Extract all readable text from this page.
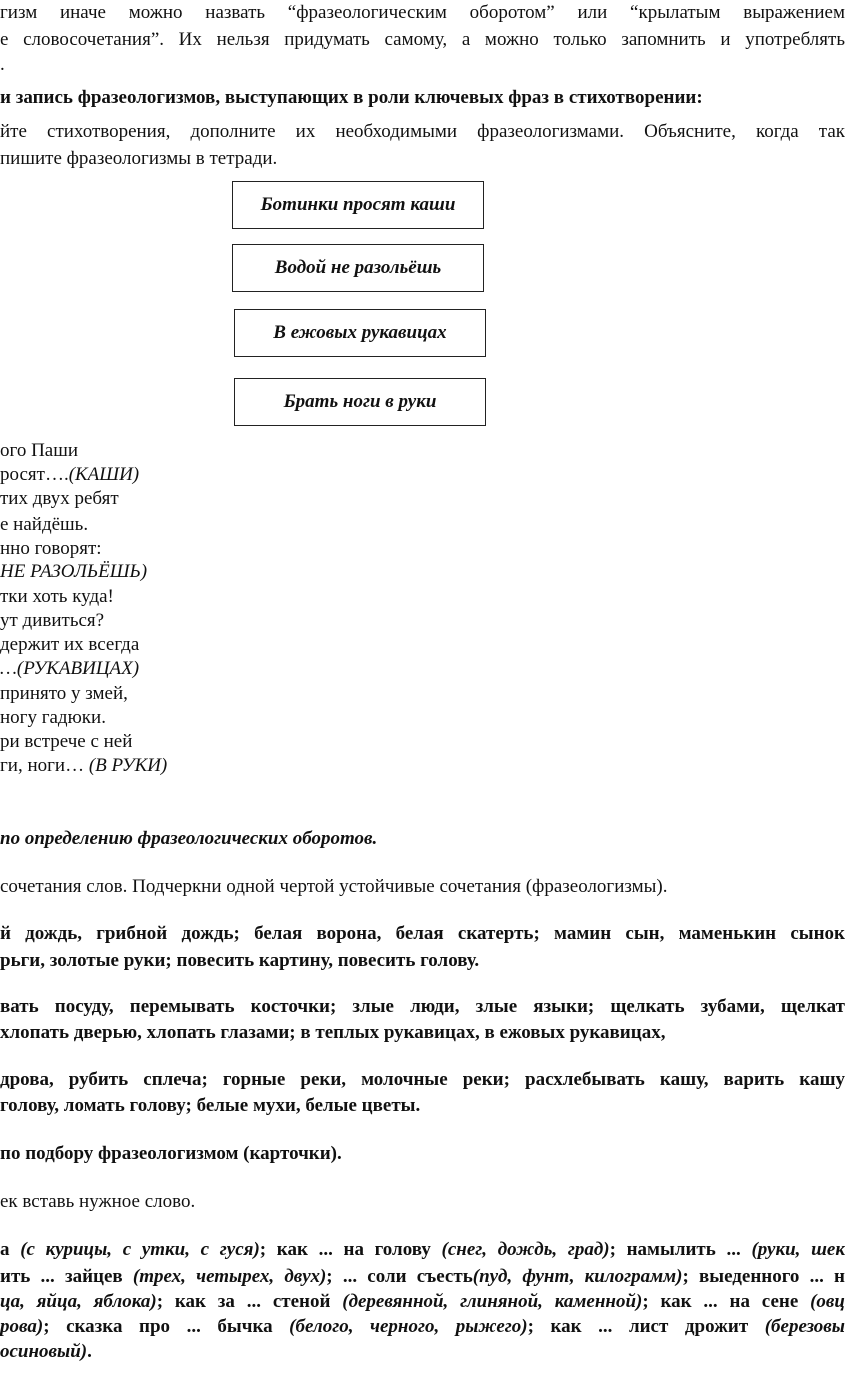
гизм иначе можно назвать “фразеологическим оборотом” или “крылатым выражением
е словосочетания”. Их нельзя придумать самому, а можно только запомнить и употреблять
.
и запись фразеологизмов, выступающих в роли ключевых фраз в стихотворении:
йте стихотворения, дополните их необходимыми фразеологизмами. Объясните, когда так
пишите фразеологизмы в тетради.
Ботинки просят каши
Водой не разольёшь
В ежовых рукавицах
Брать ноги в руки
ого Паши
росят….(КАШИ)
тих двух ребят
е найдёшь.
нно говорят:
НЕ РАЗОЛЬЁШЬ)
тки хоть куда!
ут дивиться?
держит их всегда
…(РУКАВИЦАХ)
принято у змей,
ногу гадюки.
ри встрече с ней
ги, ноги… (В РУКИ)
по определению фразеологических оборотов.
сочетания слов. Подчеркни одной чертой устойчивые сочетания (фразеологизмы).
й дождь, грибной дождь; белая ворона, белая скатерть; мамин сын, маменькин сынок
рьги, золотые руки; повесить картину, повесить голову.
вать посуду, перемывать косточки; злые люди, злые языки; щелкать зубами, щелкат
хлопать дверью, хлопать глазами; в теплых рукавицах, в ежовых рукавицах,
дрова, рубить сплеча; горные реки, молочные реки; расхлебывать кашу, варить кашу
голову, ломать голову; белые мухи, белые цветы.
по подбору фразеологизмом (карточки).
ек вставь нужное слово.
а (с курицы, с утки, с гуся); как ... на голову (снег, дождь, град); намылить ... (руки, шек
ить ... зайцев (трех, четырех, двух); ... соли съесть(пуд, фунт, килограмм); выеденного ... н
ца, яйца, яблока); как за ... стеной (деревянной, глиняной, каменной); как ... на сене (овц
рова); сказка про ... бычка (белого, черного, рыжего); как ... лист дрожит (березовы
осиновый).
